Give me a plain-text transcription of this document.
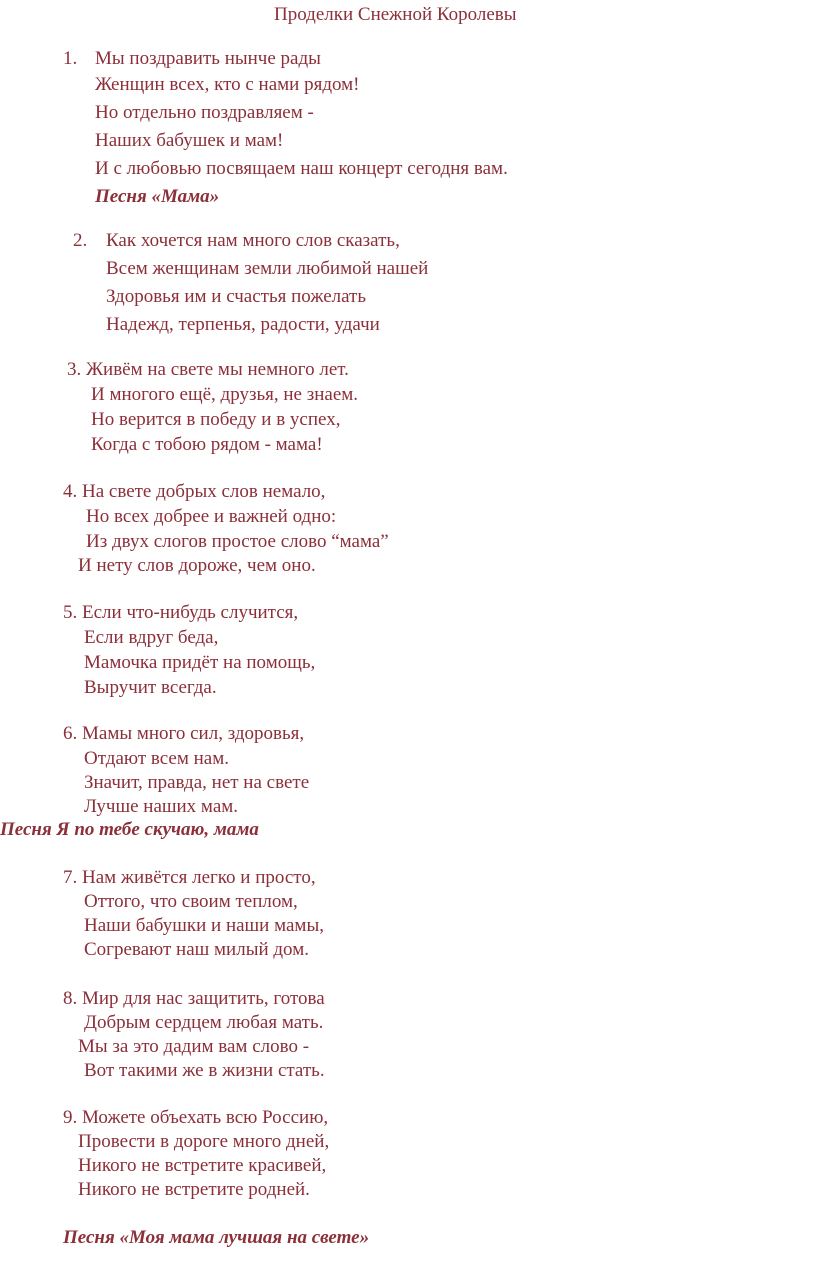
Проделки Снежной Королевы
1. Мы поздравить нынче рады
Женщин всех, кто с нами рядом!
Но отдельно поздравляем -
Наших бабушек и мам!
И с любовью посвящаем наш концерт сегодня вам.
Песня «Мама»
2. Как хочется нам много слов сказать,
Всем женщинам земли любимой нашей
Здоровья им и счастья пожелать
Надежд, терпенья, радости, удачи
3. Живём на свете мы немного лет.
И многого ещё, друзья, не знаем.
Но верится в победу и в успех,
Когда с тобою рядом - мама!
4. На свете добрых слов немало,
Но всех добрее и важней одно:
Из двух слогов простое слово “мама”
И нету слов дороже, чем оно.
5. Если что-нибудь случится,
Если вдруг беда,
Мамочка придёт на помощь,
Выручит всегда.
6. Мамы много сил, здоровья,
Отдают всем нам.
Значит, правда, нет на свете
Лучше наших мам.
Песня Я по тебе скучаю, мама
7. Нам живётся легко и просто,
Оттого, что своим теплом,
Наши бабушки и наши мамы,
Согревают наш милый дом.
8. Мир для нас защитить, готова
Добрым сердцем любая мать.
Мы за это дадим вам слово -
Вот такими же в жизни стать.
9. Можете объехать всю Россию,
Провести в дороге много дней,
Никого не встретите красивей,
Никого не встретите родней.
Песня «Моя мама лучшая на свете»
